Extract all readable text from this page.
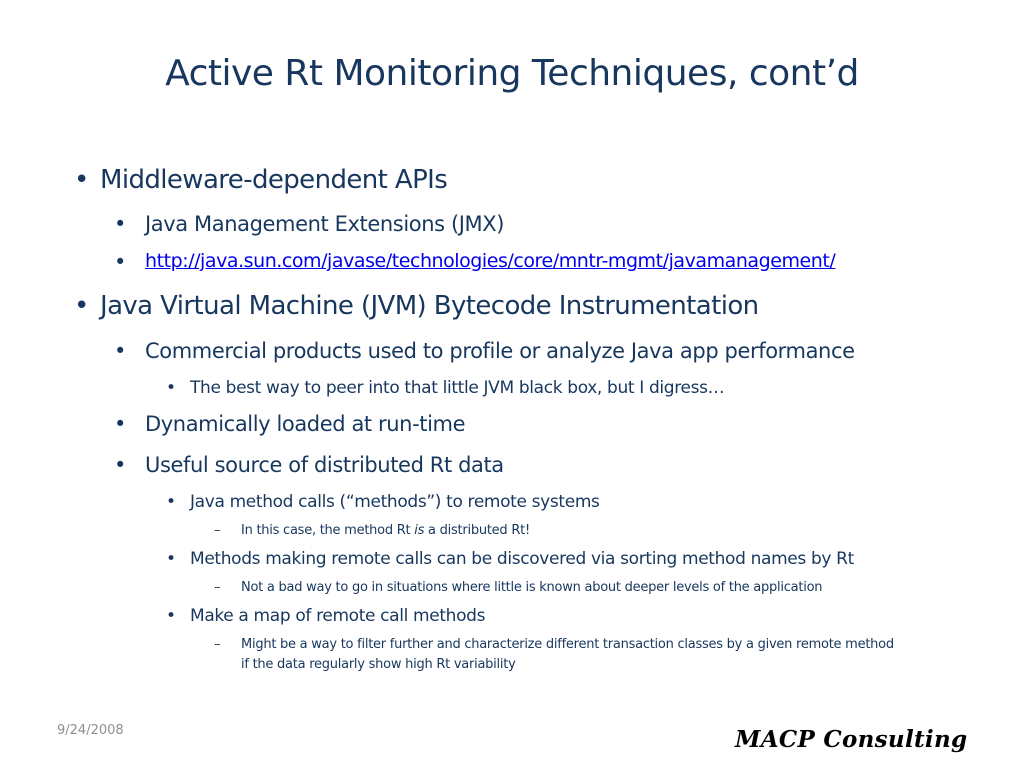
Active Rt Monitoring Techniques, cont’d
• Middleware-dependent APIs
• Java Management Extensions (JMX)
• http://java.sun.com/javase/technologies/core/mntr-mgmt/javamanagement/
• Java Virtual Machine (JVM) Bytecode Instrumentation
• Commercial products used to profile or analyze Java app performance
• The best way to peer into that little JVM black box, but I digress…
• Dynamically loaded at run-time
• Useful source of distributed Rt data
• Java method calls (“methods”) to remote systems
– In this case, the method Rt is a distributed Rt!
• Methods making remote calls can be discovered via sorting method names by Rt
– Not a bad way to go in situations where little is known about deeper levels of the application
• Make a map of remote call methods
– Might be a way to filter further and characterize different transaction classes by a given remote method
if the data regularly show high Rt variability
9/24/2008	MACP Consulting
